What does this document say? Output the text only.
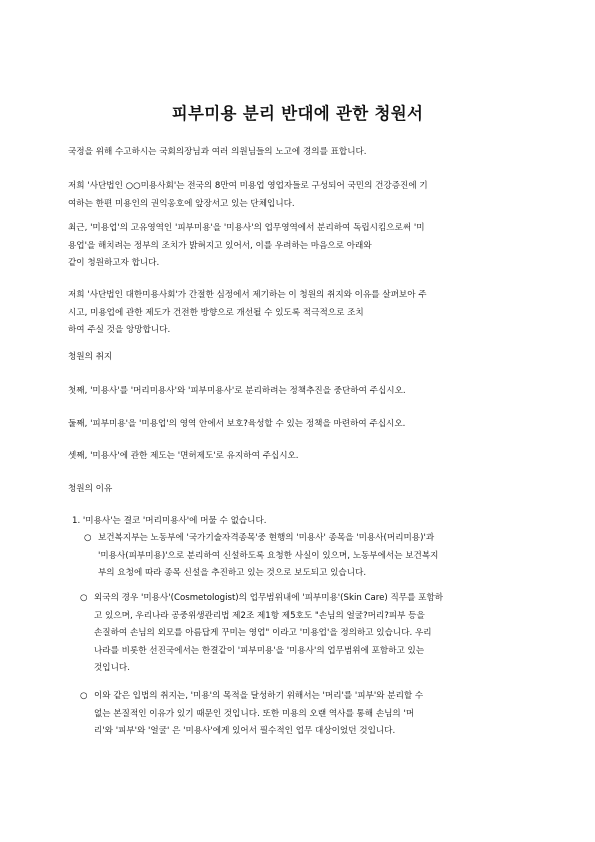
피부미용 분리 반대에 관한 청원서
국정을 위해 수고하시는 국회의장님과 여러 의원님들의 노고에 경의를 표합니다.
저희 '사단법인 ○○미용사회'는 전국의 8만여 미용업 영업자들로 구성되어 국민의 건강증진에 기
여하는 한편 미용인의 권익옹호에 앞장서고 있는 단체입니다.
최근, '미용업'의 고유영역인 '피부미용'을 '미용사'의 업무영역에서 분리하여 독립시킴으로써 '미
용업'을 해치려는 정부의 조치가 밝혀지고 있어서, 이를 우려하는 마음으로 아래와
같이 청원하고자 합니다.
저희 '사단법인 대한미용사회'가 간절한 심정에서 제기하는 이 청원의 취지와 이유를 살펴보아 주
시고, 미용업에 관한 제도가 건전한 방향으로 개선될 수 있도록 적극적으로 조치
하여 주실 것을 앙망합니다.
청원의 취지
첫째, '미용사'를 '머리미용사'와 '피부미용사'로 분리하려는 정책추진을 중단하여 주십시오.
둘째, '피부미용'을 '미용업'의 영역 안에서 보호?육성할 수 있는 정책을 마련하여 주십시오.
셋째, '미용사'에 관한 제도는 '면허제도'로 유지하여 주십시오.
청원의 이유
1. '미용사'는 결코 '머리미용사'에 머물 수 없습니다.
○ 보건복지부는 노동부에 '국가기술자격종목'중 현행의 '미용사' 종목을 '미용사(머리미용)'과
'미용사(피부미용)'으로 분리하여 신설하도록 요청한 사실이 있으며, 노동부에서는 보건복지
부의 요청에 따라 종목 신설을 추진하고 있는 것으로 보도되고 있습니다.
○ 외국의 경우 '미용사'(Cosmetologist)의 업무범위내에 '피부미용'(Skin Care) 직무를 포함하
고 있으며, 우리나라 공중위생관리법 제2조 제1항 제5호도 "손님의 얼굴?머리?피부 등을
손질하여 손님의 외모를 아름답게 꾸미는 영업" 이라고 '미용업'을 정의하고 있습니다. 우리
나라를 비롯한 선진국에서는 한결같이 '피부미용'을 '미용사'의 업무범위에 포함하고 있는
것입니다.
○ 이와 같은 입법의 취지는, '미용'의 목적을 달성하기 위해서는 '머리'를 '피부'와 분리할 수
없는 본질적인 이유가 있기 때문인 것입니다. 또한 미용의 오랜 역사를 통해 손님의 '머
리'와 '피부'와 '얼굴' 은 '미용사'에게 있어서 필수적인 업무 대상이었던 것입니다.
